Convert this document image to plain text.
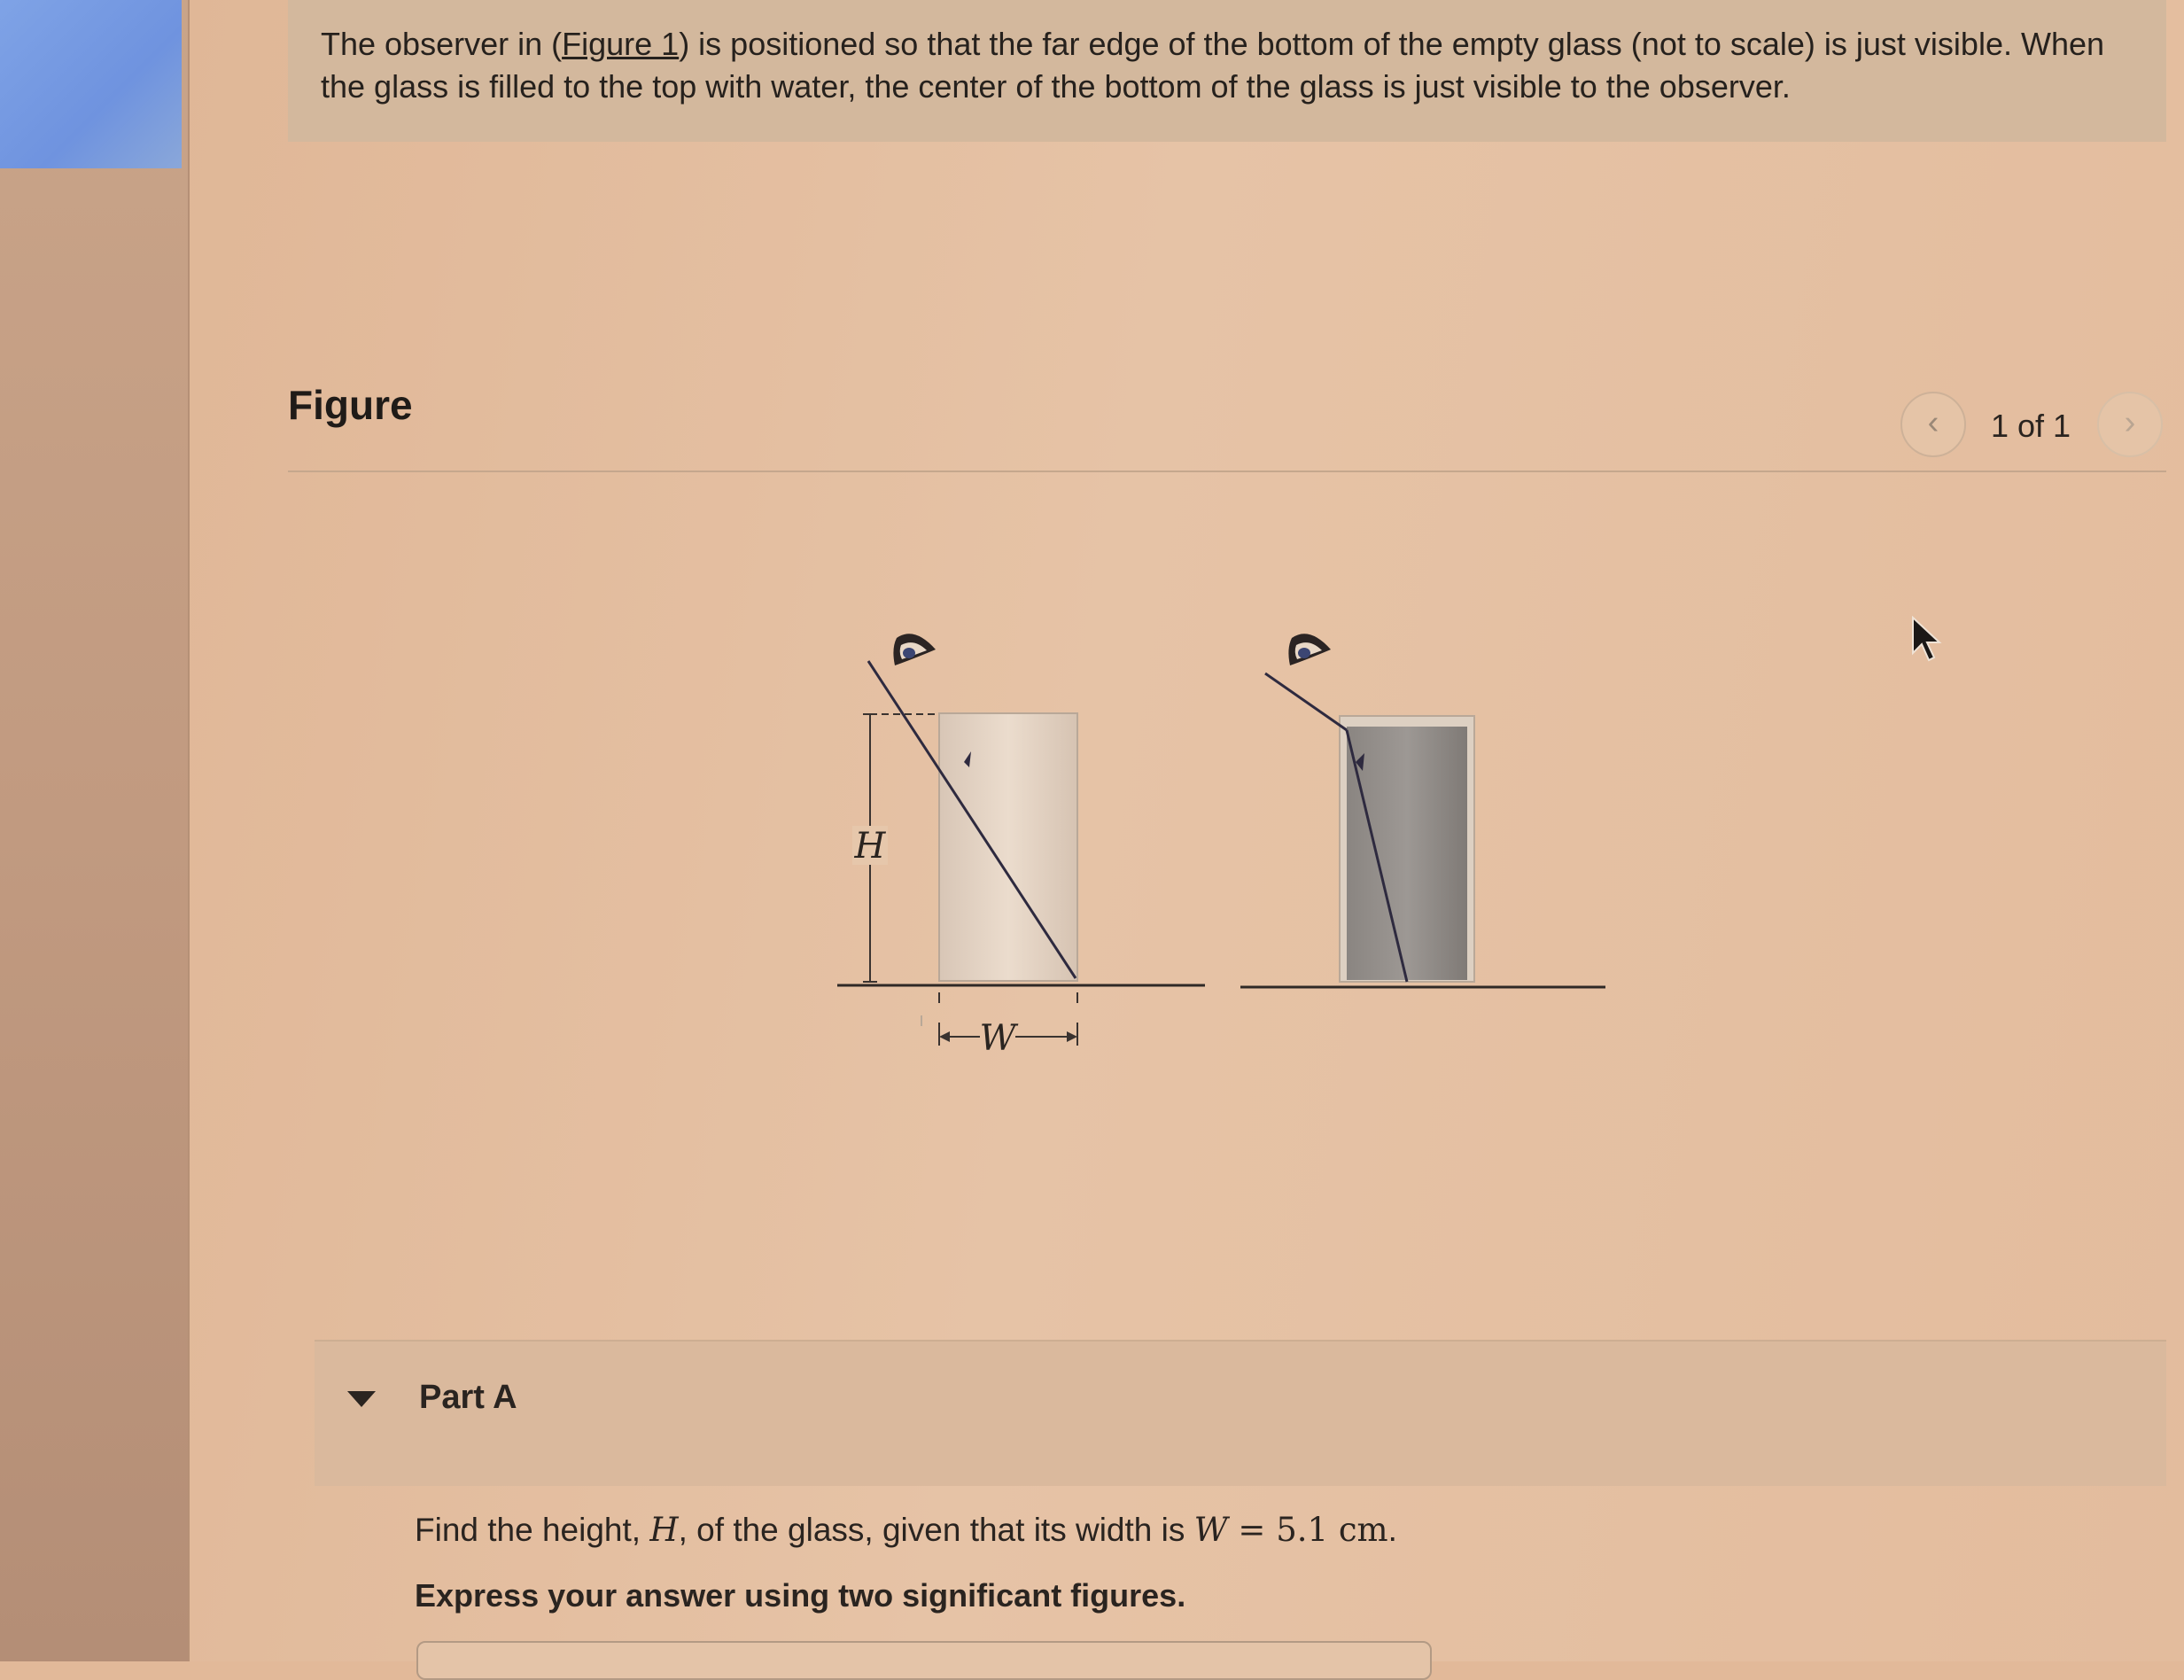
The observer in (Figure 1) is positioned so that the far edge of the bottom of the empty glass (not to scale) is just visible. When the glass is filled to the top with water, the center of the bottom of the glass is just visible to the observer.
Figure	‹	1 of 1	›
H
W
Part A
Find the height, H, of the glass, given that its width is W = 5.1 cm.
Express your answer using two significant figures.
